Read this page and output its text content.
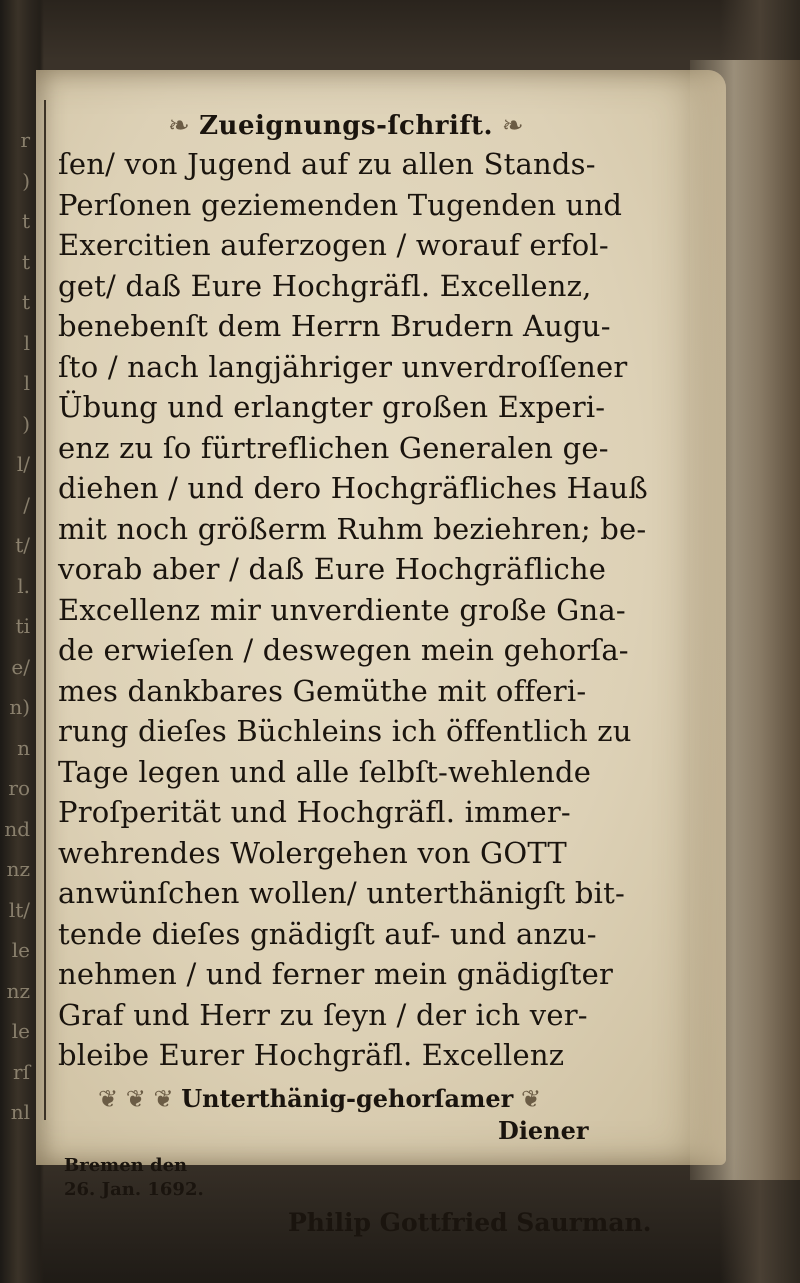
r
)
t
t
t
l
l
)
l/
/
t/
l.
ti
e/
n)
n
ro
nd
nz
lt/
le
nz
le
rſ
nl
❧ Zueignungs-ſchrift. ❧
ſen/ von Jugend auf zu allen Stands-
Perſonen geziemenden Tugenden und
Exercitien auferzogen / worauf erfol-
get/ daß Eure Hochgräfl. Excellenz,
benebenſt dem Herrn Brudern Augu-
ſto / nach langjähriger unverdroſſener
Übung und erlangter großen Experi-
enz zu ſo fürtreflichen Generalen ge-
diehen / und dero Hochgräfliches Hauß
mit noch größerm Ruhm beziehren; be-
vorab aber / daß Eure Hochgräfliche
Excellenz mir unverdiente große Gna-
de erwieſen / deswegen mein gehorſa-
mes dankbares Gemüthe mit offeri-
rung dieſes Büchleins ich öffentlich zu
Tage legen und alle ſelbſt-wehlende
Proſperität und Hochgräfl. immer-
wehrendes Wolergehen von GOTT
anwünſchen wollen/ unterthänigſt bit-
tende dieſes gnädigſt auf- und anzu-
nehmen / und ferner mein gnädigſter
Graf und Herr zu ſeyn / der ich ver-
bleibe Eurer Hochgräfl. Excellenz
❦ ❦ ❦ Unterthänig-gehorſamer ❦
Diener
Bremen den
26. Jan. 1692.
Philip Gottfried Saurman.
